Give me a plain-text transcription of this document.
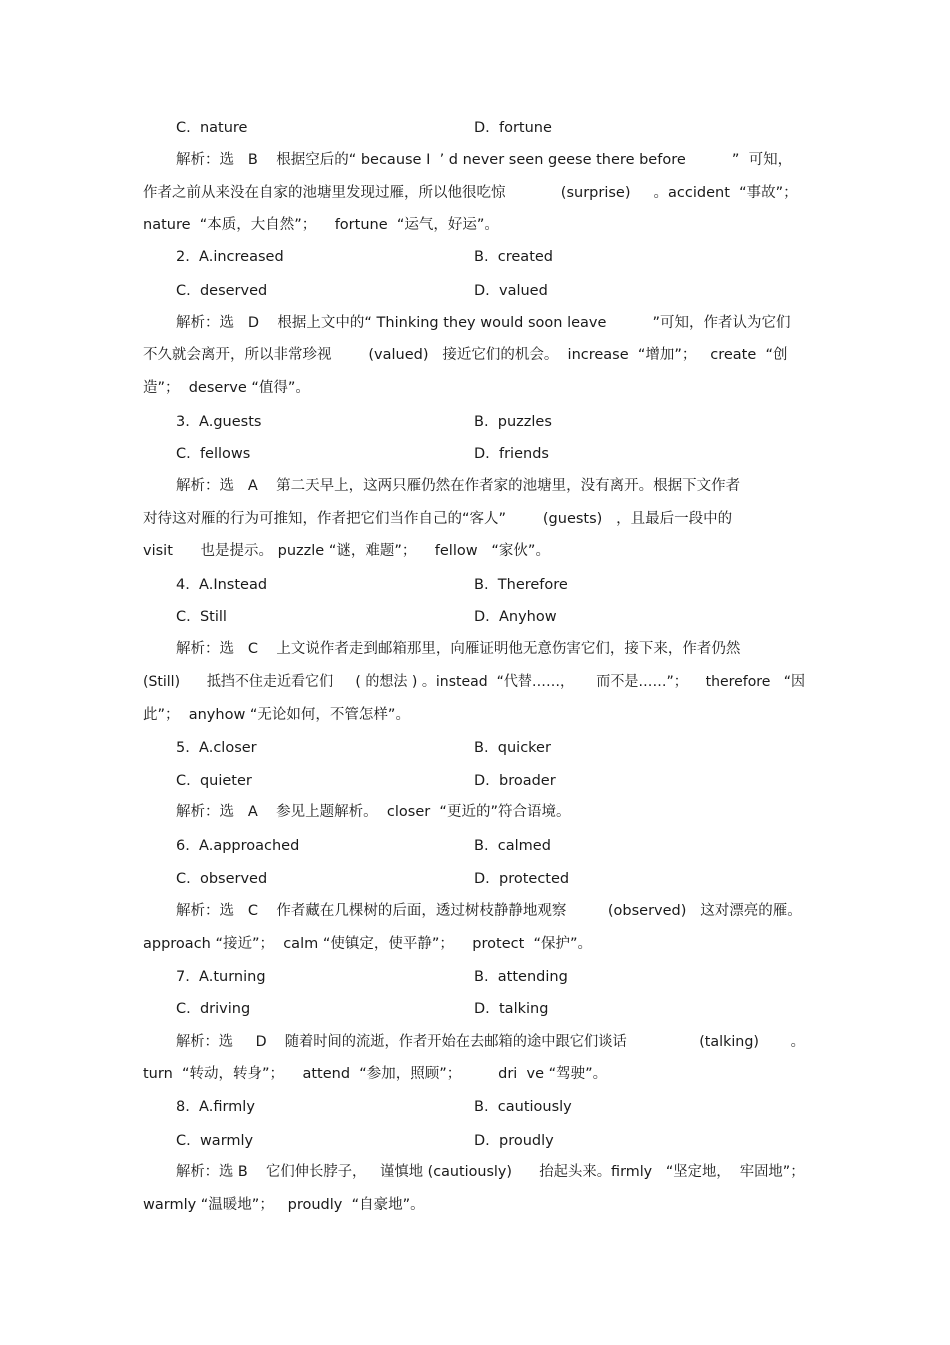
C.  nature	D.  fortune
解析：选   B    根据空后的“ because I  ’ d never seen geese there before          ”  可知，
作者之前从来没在自家的池塘里发现过雁，所以他很吃惊            (surprise)     。accident  “事故”；
nature  “本质，大自然”；    fortune  “运气，好运”。
2.  A.increased	B.  created
C.  deserved	D.  valued
解析：选   D    根据上文中的“ Thinking they would soon leave          ”可知，作者认为它们
不久就会离开，所以非常珍视        (valued)   接近它们的机会。  increase  “增加”；   create  “创
造”；  deserve “值得”。
3.  A.guests	B.  puzzles
C.  fellows	D.  friends
解析：选   A    第二天早上，这两只雁仍然在作者家的池塘里，没有离开。根据下文作者
对待这对雁的行为可推知，作者把它们当作自己的“客人”        (guests)   ，且最后一段中的
visit      也是提示。 puzzle “谜，难题”；    fellow   “家伙”。
4.  A.Instead	B.  Therefore
C.  Still	D.  Anyhow
解析：选   C    上文说作者走到邮箱那里，向雁证明他无意伤害它们，接下来，作者仍然
(Still)      抵挡不住走近看它们     ( 的想法 ) 。instead  “代替……，     而不是……”；    therefore   “因
此”；  anyhow “无论如何，不管怎样”。
5.  A.closer	B.  quicker
C.  quieter	D.  broader
解析：选   A    参见上题解析。  closer  “更近的”符合语境。
6.  A.approached	B.  calmed
C.  observed	D.  protected
解析：选   C    作者藏在几棵树的后面，透过树枝静静地观察         (observed)   这对漂亮的雁。
approach “接近”；  calm “使镇定，使平静”；    protect  “保护”。
7.  A.turning	B.  attending
C.  driving	D.  talking
解析：选     D    随着时间的流逝，作者开始在去邮箱的途中跟它们谈话                (talking)       。
turn  “转动，转身”；    attend  “参加，照顾”；        dri  ve “驾驶”。
8.  A.firmly	B.  cautiously
C.  warmly	D.  proudly
解析：选 B    它们伸长脖子，   谨慎地 (cautiously)      抬起头来。firmly   “坚定地，  牢固地”；
warmly “温暖地”；   proudly  “自豪地”。
